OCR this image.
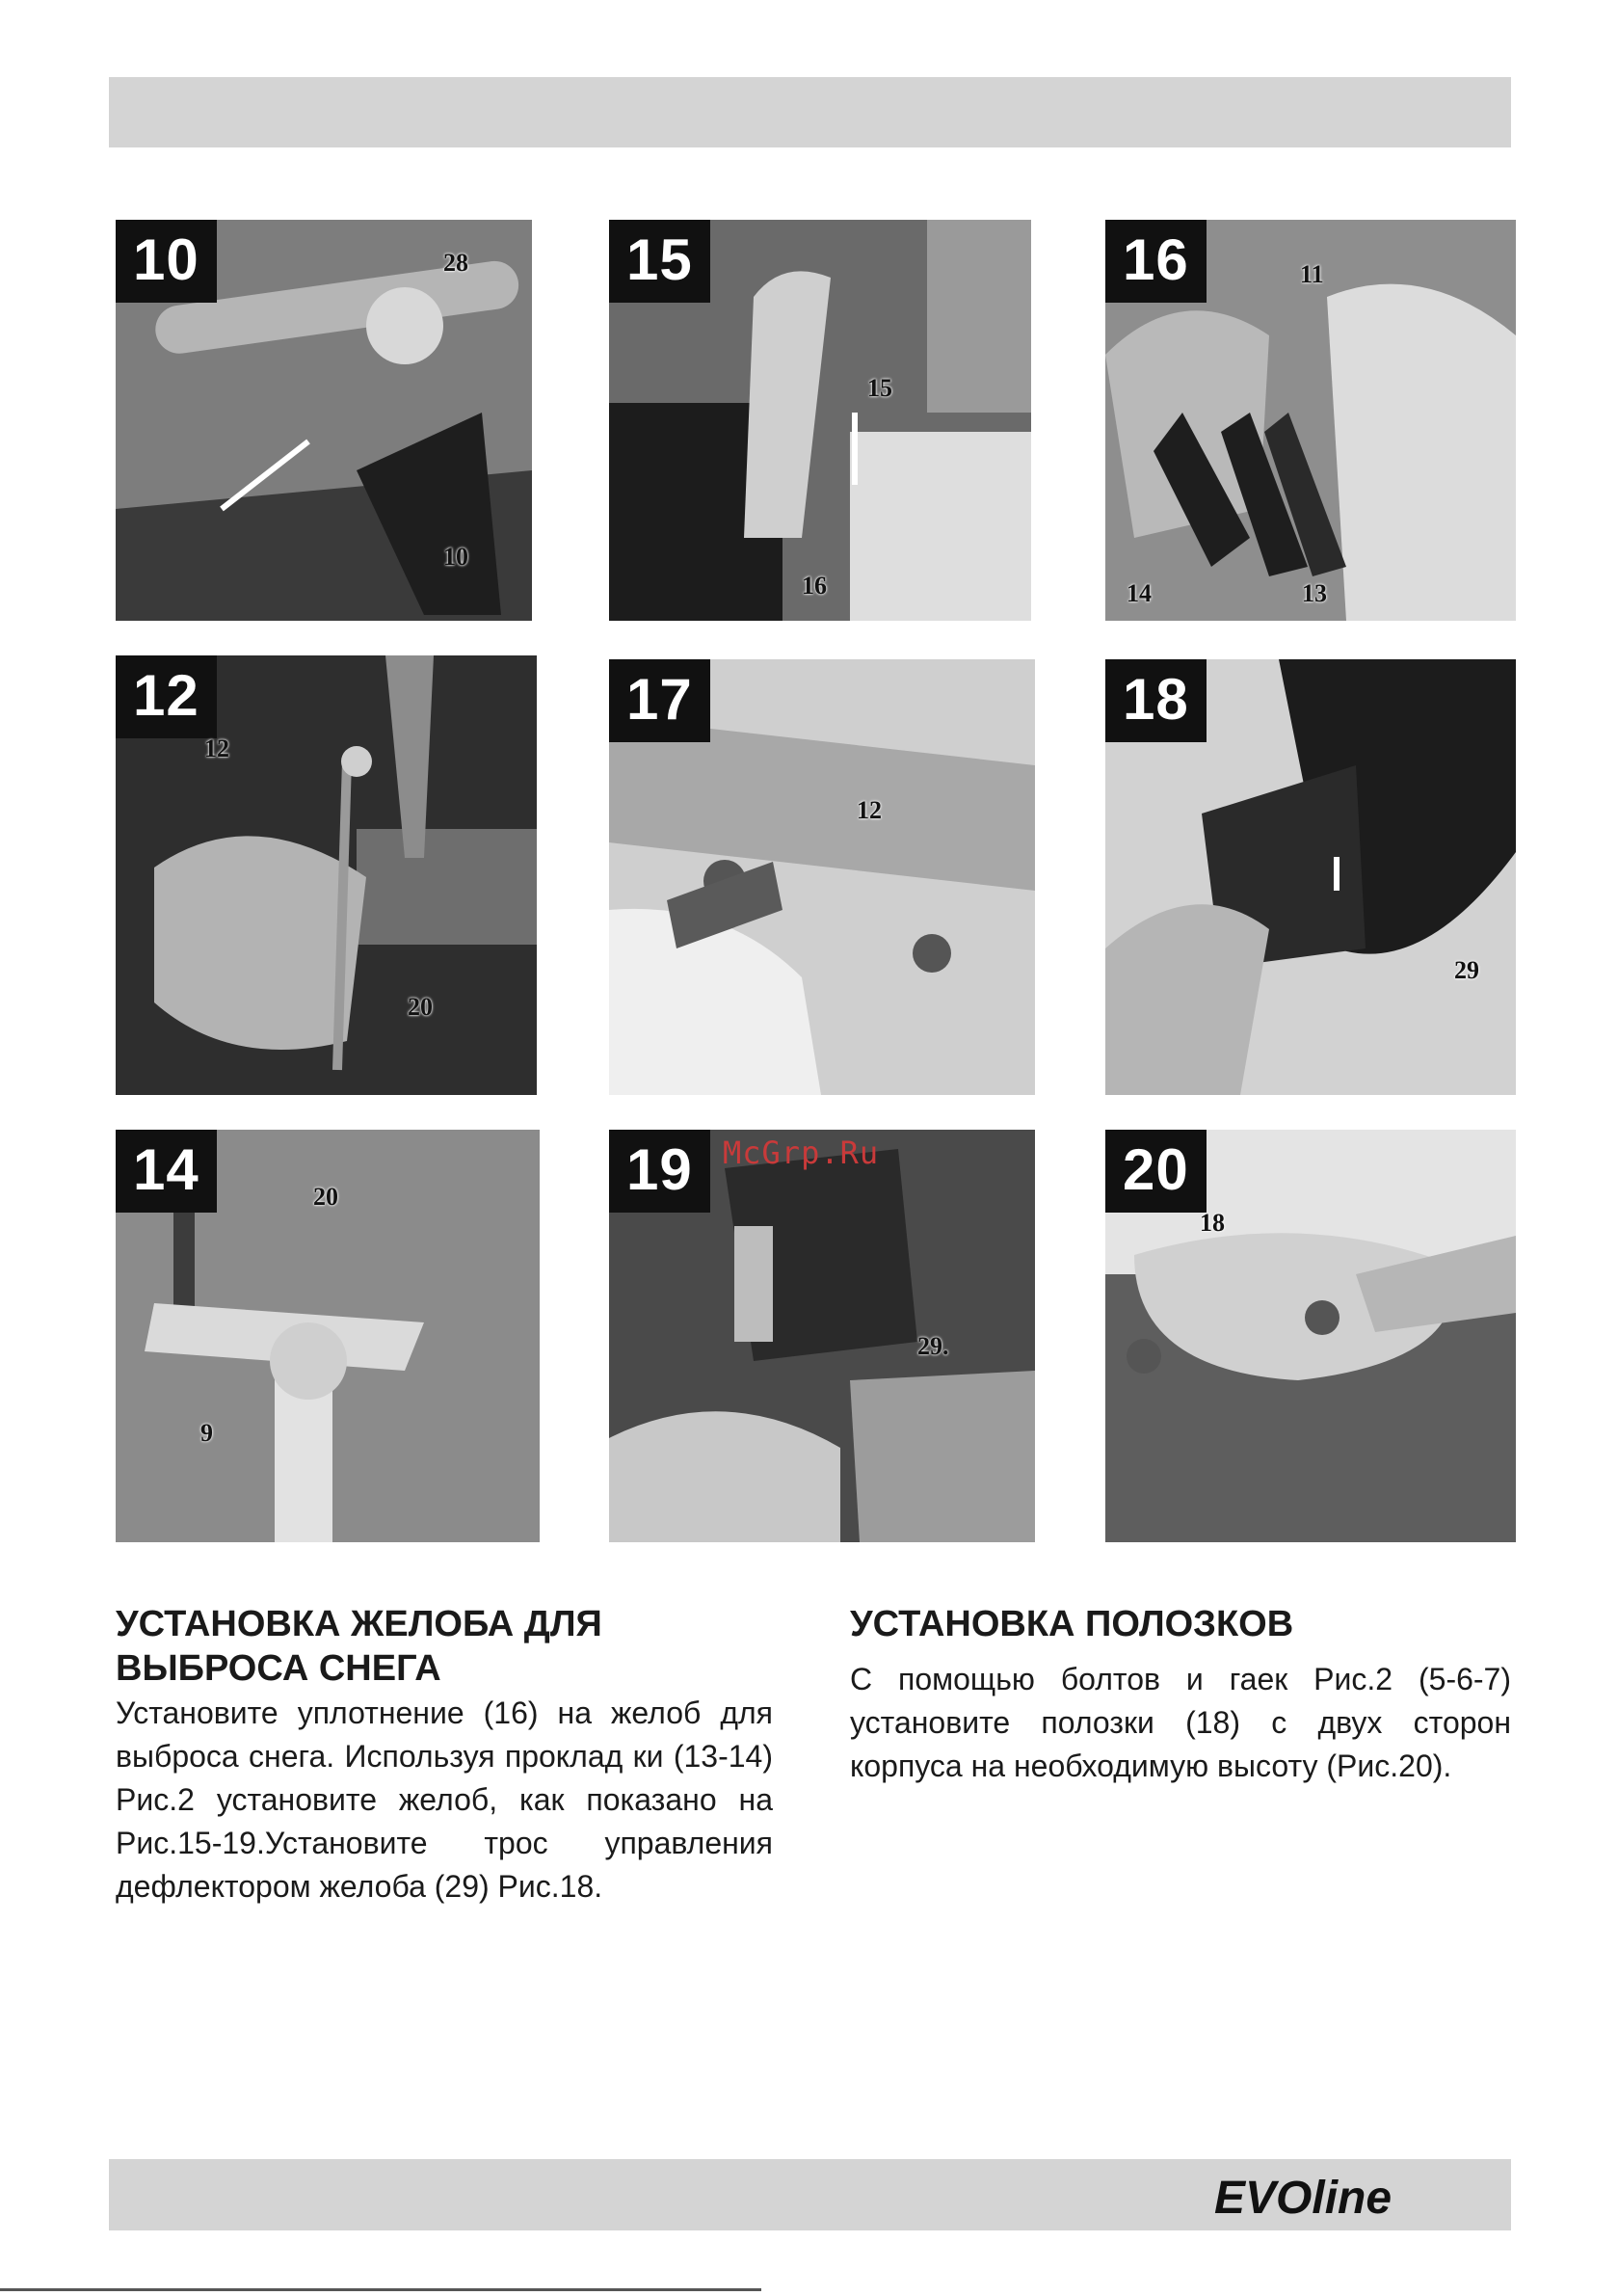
10	28
10
15
15
16
16	11
14	13
12
12
20
17
12
18
29
14	20
9
19
29.
20
18
McGrp.Ru
УСТАНОВКА ЖЕЛОБА ДЛЯ
ВЫБРОСА СНЕГА

Установите уплотнение (16) на желоб для выброса снега. Используя проклад ки (13-14) Рис.2 установите желоб, как показано на Рис.15-19.Установите трос управления дефлектором желоба (29) Рис.18.

УСТАНОВКА ПОЛОЗКОВ

С помощью болтов и гаек Рис.2 (5-6-7) установите полозки (18) с двух сторон корпуса на необходимую высоту (Рис.20).

EVOline
